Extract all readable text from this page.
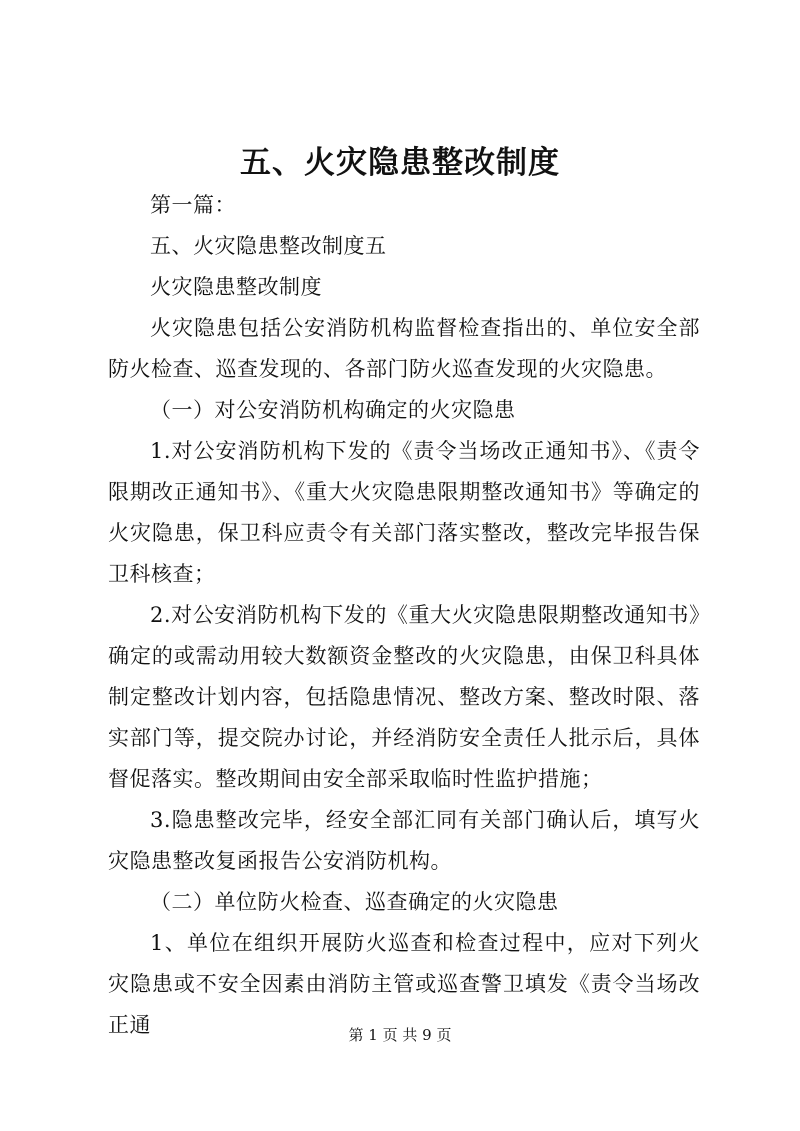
五、火灾隐患整改制度

第一篇：

五、火灾隐患整改制度五

火灾隐患整改制度

火灾隐患包括公安消防机构监督检查指出的、单位安全部防火检查、巡查发现的、各部门防火巡查发现的火灾隐患。

（一）对公安消防机构确定的火灾隐患

1.对公安消防机构下发的《责令当场改正通知书》、《责令限期改正通知书》、《重大火灾隐患限期整改通知书》等确定的火灾隐患，保卫科应责令有关部门落实整改，整改完毕报告保卫科核查；

2.对公安消防机构下发的《重大火灾隐患限期整改通知书》确定的或需动用较大数额资金整改的火灾隐患，由保卫科具体制定整改计划内容，包括隐患情况、整改方案、整改时限、落实部门等，提交院办讨论，并经消防安全责任人批示后，具体督促落实。整改期间由安全部采取临时性监护措施；

3.隐患整改完毕，经安全部汇同有关部门确认后，填写火灾隐患整改复函报告公安消防机构。

（二）单位防火检查、巡查确定的火灾隐患

1、单位在组织开展防火巡查和检查过程中，应对下列火灾隐患或不安全因素由消防主管或巡查警卫填发《责令当场改正通	第 1 页 共 9 页
